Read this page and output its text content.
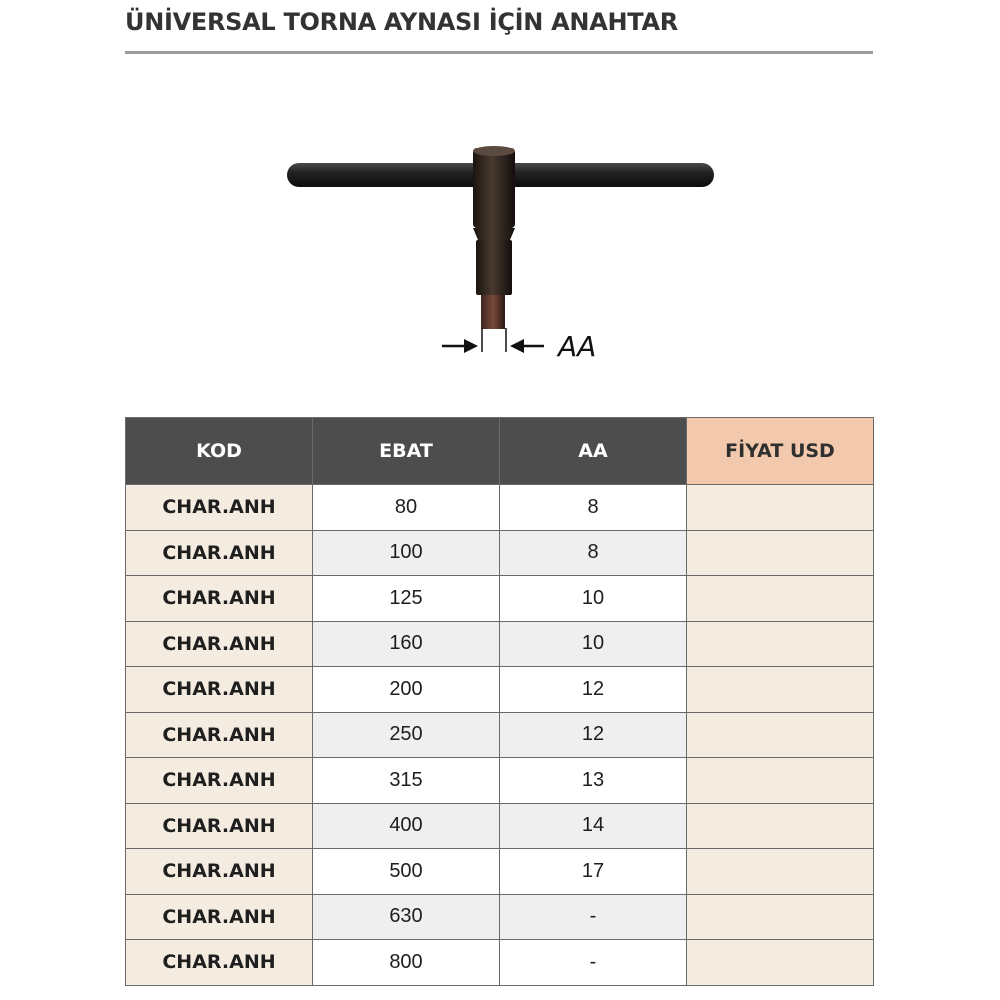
ÜNİVERSAL TORNA AYNASI İÇİN ANAHTAR
AA
KOD	EBAT	AA	FİYAT USD
CHAR.ANH	80	8	
CHAR.ANH	100	8	
CHAR.ANH	125	10	
CHAR.ANH	160	10	
CHAR.ANH	200	12	
CHAR.ANH	250	12	
CHAR.ANH	315	13	
CHAR.ANH	400	14	
CHAR.ANH	500	17	
CHAR.ANH	630	-	
CHAR.ANH	800	-	
